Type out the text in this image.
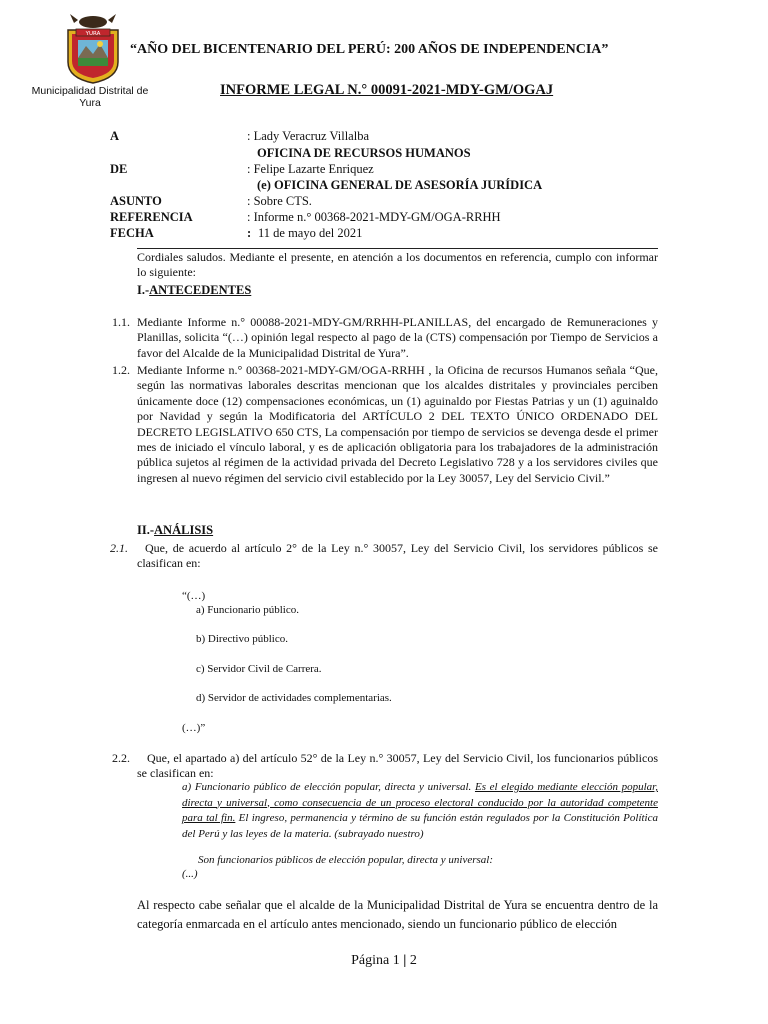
YURA
Municipalidad Distrital de Yura
“AÑO DEL BICENTENARIO DEL PERÚ: 200 AÑOS DE INDEPENDENCIA”
INFORME LEGAL N.° 00091-2021-MDY-GM/OGAJ
A	: Lady Veracruz Villalba
OFICINA DE RECURSOS HUMANOS
DE	: Felipe Lazarte Enriquez
(e) OFICINA GENERAL DE ASESORÍA JURÍDICA
ASUNTO	: Sobre CTS.
REFERENCIA	: Informe n.° 00368-2021-MDY-GM/OGA-RRHH
FECHA	: 11 de mayo del 2021
Cordiales saludos. Mediante el presente, en atención a los documentos en referencia, cumplo con informar lo siguiente:
I.-ANTECEDENTES
1.1. Mediante Informe n.° 00088-2021-MDY-GM/RRHH-PLANILLAS, del encargado de Remuneraciones y Planillas, solicita “(…) opinión legal respecto al pago de la (CTS) compensación por Tiempo de Servicios a favor del Alcalde de la Municipalidad Distrital de Yura”.
1.2. Mediante Informe n.° 00368-2021-MDY-GM/OGA-RRHH , la Oficina de recursos Humanos señala “Que, según las normativas laborales descritas mencionan que los alcaldes distritales y provinciales perciben únicamente doce (12) compensaciones económicas, un (1) aguinaldo por Fiestas Patrias y un (1) aguinaldo por Navidad y según la Modificatoria del ARTÍCULO 2 DEL TEXTO ÚNICO ORDENADO DEL DECRETO LEGISLATIVO 650 CTS, La compensación por tiempo de servicios se devenga desde el primer mes de iniciado el vínculo laboral, y es de aplicación obligatoria para los trabajadores de la administración pública sujetos al régimen de la actividad privada del Decreto Legislativo 728 y a los servidores civiles que ingresen al nuevo régimen del servicio civil establecido por la Ley 30057, Ley del Servicio Civil.”
II.-ANÁLISIS
2.1.	Que, de acuerdo al artículo 2° de la Ley n.° 30057, Ley del Servicio Civil, los servidores públicos se clasifican en:
“(…)
a) Funcionario público.
b) Directivo público.
c) Servidor Civil de Carrera.
d) Servidor de actividades complementarias.
(…)”
2.2.	Que, el apartado a) del artículo 52° de la Ley n.° 30057, Ley del Servicio Civil, los funcionarios públicos se clasifican en:
a) Funcionario público de elección popular, directa y universal. Es el elegido mediante elección popular, directa y universal, como consecuencia de un proceso electoral conducido por la autoridad competente para tal fin. El ingreso, permanencia y término de su función están regulados por la Constitución Política del Perú y las leyes de la materia. (subrayado nuestro)
Son funcionarios públicos de elección popular, directa y universal:
(...)
Al respecto cabe señalar que el alcalde de la Municipalidad Distrital de Yura se encuentra dentro de la categoría enmarcada en el artículo antes mencionado, siendo un funcionario público de elección
Página 1 | 2
